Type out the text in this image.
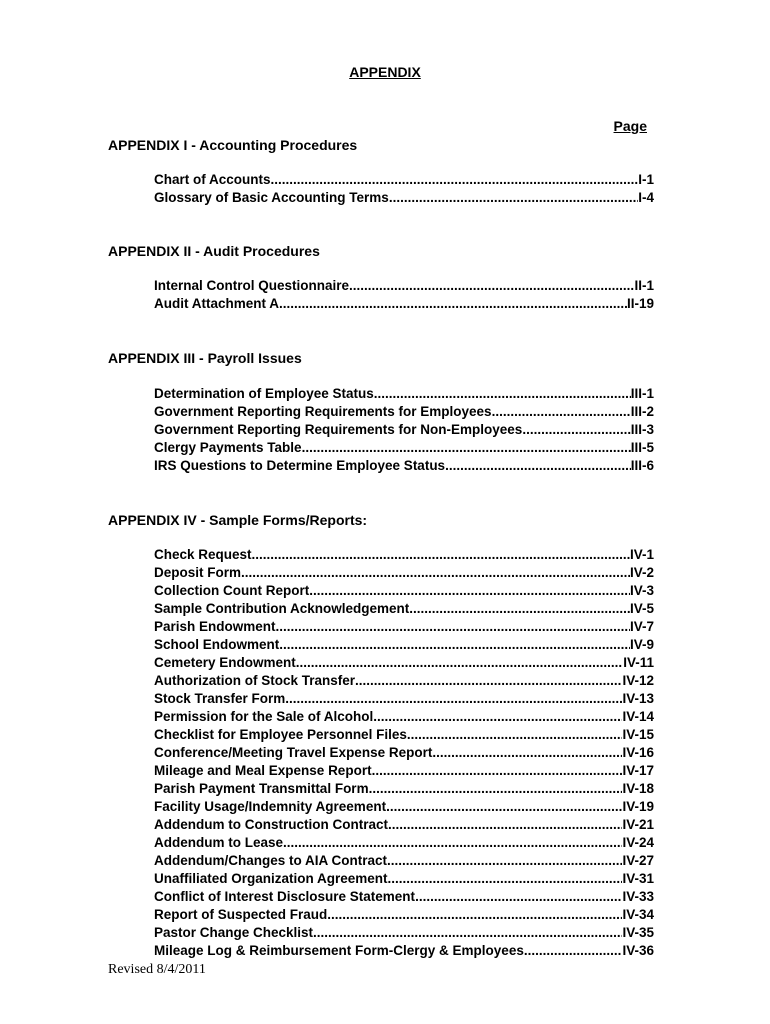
APPENDIX
Page
APPENDIX I - Accounting Procedures
Chart of Accounts .....	I-1
Glossary of Basic Accounting Terms .....	I-4
APPENDIX II - Audit Procedures
Internal Control Questionnaire .....	II-1
Audit Attachment A .....	II-19
APPENDIX III - Payroll Issues
Determination of Employee Status .....	III-1
Government Reporting Requirements for Employees .....	III-2
Government Reporting Requirements for Non-Employees .....	III-3
Clergy Payments Table .....	III-5
IRS Questions to Determine Employee Status .....	III-6
APPENDIX IV - Sample Forms/Reports:
Check Request .....	IV-1
Deposit Form .....	IV-2
Collection Count Report .....	IV-3
Sample Contribution Acknowledgement .....	IV-5
Parish Endowment .....	IV-7
School Endowment .....	IV-9
Cemetery Endowment .....	IV-11
Authorization of Stock Transfer .....	IV-12
Stock Transfer Form .....	IV-13
Permission for the Sale of Alcohol .....	IV-14
Checklist for Employee Personnel Files .....	IV-15
Conference/Meeting Travel Expense Report .....	IV-16
Mileage and Meal Expense Report .....	IV-17
Parish Payment Transmittal Form .....	IV-18
Facility Usage/Indemnity Agreement .....	IV-19
Addendum to Construction Contract .....	IV-21
Addendum to Lease .....	IV-24
Addendum/Changes to AIA Contract .....	IV-27
Unaffiliated Organization Agreement .....	IV-31
Conflict of Interest Disclosure Statement .....	IV-33
Report of Suspected Fraud .....	IV-34
Pastor Change Checklist .....	IV-35
Mileage Log & Reimbursement Form-Clergy & Employees .....	IV-36
Revised 8/4/2011
